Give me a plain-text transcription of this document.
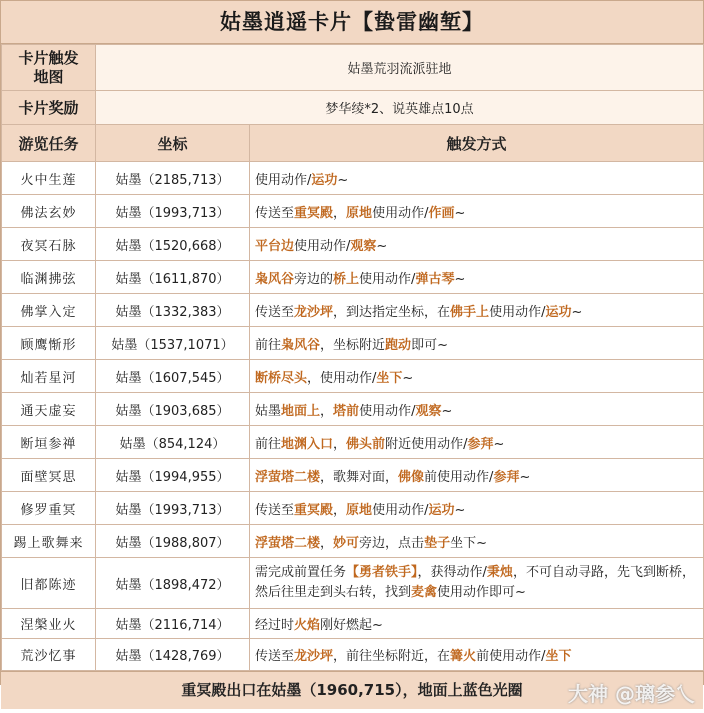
姑墨逍遥卡片【蛰雷幽堑】
卡片触发
地图	姑墨荒羽流派驻地	
卡片奖励	梦华绫*2、说英雄点10点	
游览任务	坐标	触发方式
火中生莲	姑墨（2185,713）	使用动作/运功~
佛法玄妙	姑墨（1993,713）	传送至重冥殿，原地使用动作/作画~
夜冥石脉	姑墨（1520,668）	平台边使用动作/观察~
临渊拂弦	姑墨（1611,870）	枭风谷旁边的桥上使用动作/弹古琴~
佛掌入定	姑墨（1332,383）	传送至龙沙坪，到达指定坐标，在佛手上使用动作/运功~
顾鹰惭形	姑墨（1537,1071）	前往枭风谷，坐标附近跑动即可~
灿若星河	姑墨（1607,545）	断桥尽头，使用动作/坐下~
通天虚妄	姑墨（1903,685）	姑墨地面上，塔前使用动作/观察~
断垣参禅	姑墨（854,124）	前往地渊入口，佛头前附近使用动作/参拜~
面壁冥思	姑墨（1994,955）	浮萤塔二楼，歌舞对面，佛像前使用动作/参拜~
修罗重冥	姑墨（1993,713）	传送至重冥殿，原地使用动作/运功~
踢上歌舞来	姑墨（1988,807）	浮萤塔二楼，妙可旁边，点击垫子坐下~
旧都陈迹	姑墨（1898,472）	需完成前置任务【勇者铁手】，获得动作/秉烛，不可自动寻路，先飞到断桥，然后往里走到头右转，找到麦禽使用动作即可~
涅槃业火	姑墨（2116,714）	经过时火焰刚好燃起~
荒沙忆事	姑墨（1428,769）	传送至龙沙坪，前往坐标附近，在篝火前使用动作/坐下
重冥殿出口在姑墨（1960,715），地面上蓝色光圈 大神 @璃参乀
